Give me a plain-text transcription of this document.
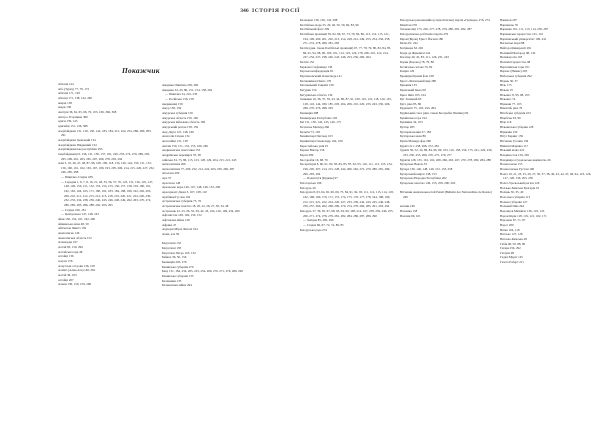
Покажчик
Абхазія 144
Або (Турку) 77, 79, 172
Абхазія 171, 193
абхазці 171, 138, 142, 260
аварці 138
авари 138
Австрія 36, 62, 65, 66, 70, 103, 169, 366, 368
Австро-Угорщина 366
адиги 139, 145
адигейці 131, 136, 389
Азербайджан 131, 136, 130, 142, 183, 184, 215, 224, 254, 286, 280, 283, 291
Азербайджан Іранський 134
Азербайджан Південний 134
Азербайджанська республіка 293
азербайджанці 6, 136, 131, 136, 137, 181, 229, 233, 274, 279, 289, 293, 295, 209, 261, 263, 265, 267, 269, 278, 293, 294
Азія 3, 16, 46, 47, 48, 87, 96, 108, 109, 118, 134, 146, 144, 150, 151, 153, 156, 160, 161, 162, 163, 167, 180, 193, 205, 206, 214, 215, 226, 227, 232, 246, 285, 288
— Північно-Східна 189
— Середня 1, 6, 7, 8, 16, 21, 28, 33, 36, 37, 76, 123, 131, 136, 145, 147, 148, 149, 150, 151, 152, 153, 154, 155, 156, 157, 158, 159, 160, 161, 162, 163, 164, 165, 171, 180, 181, 183, 184, 188, 189, 192, 202, 205, 209, 210, 211, 212, 213, 214, 215, 218, 219, 220, 221, 224, 226, 230, 232, 233, 234, 238, 239, 240, 243, 246, 248, 249, 262, 263, 270, 272, 280, 283, 285, 286, 288, 292, 293, 295
— Східна 169, 181
— Центральна 147, 148, 163
айни 136, 154, 161, 162, 290
Айкимська мова 48, 50
Айтматов Чингіз 159
Акмолінськ 146
Акмолінська область 152
Алашорди 197
Алтай 83, 150, 299
Алтайські гори 48
алтайці 136
алеути 158
Алеутські острови 136, 158
Алматі (Алма-Ата) 146, 262
Алтай 36, 163
алтайці 267
Альпи 136, 159, 159, 269
Америка Північна 236, 269
Америка 34, 43, 86, 151, 154, 158, 262
— Північна 34, 216, 233
— Російська 156, 158
американці 159
Амур 158, 159
Амурська губернія 159
Амурська область 159, 169
Амурська військова область 169
Амурський регіон 158, 159
Ану-Дар'я 147, 148, 169
Анатолія Східна 134
анатолійці 131, 138
Англія 150, 151, 152, 155, 166, 260
Андижанське повстання 155
Андріївське перемир'я 33, 38
азійська 34, 75, 86, 115, 123, 128, 129, 204, 215, 221, 243
антисемітизм 266
антисемітизм 77, 209, 232, 214, 224, 263, 239, 266, 287
Аполлон 209
Ара 37
Арасахан 148
Аральське море 146, 147, 148, 149, 153, 290
Арасеркопт Джан 3, 107, 108, 110
Арабіяни Гуслан 104
Астраханська губернія 75, 76
Астраханське ханство 18, 20, 22, 26, 27, 30, 34, 48
Астрахань 22, 23, 26, 32, 39, 42, 43, 104, 126, 199, 234, 260
Афганістан 148, 149, 150, 152
Афганська війна 128
Африка 47
Ахундов Мірза Фаталі 194
Ахма, ала 39

Баграташі 132
Багратіоні 183
Багратіон Петро 103, 132
Байкал 36, 50, 156
Башкирія 205, 276
Бакинська губернія 270
Баку 131, 184, 234, 265, 223, 254, 269, 270, 271, 276, 280, 299
Бакинська губернія 135
Балакеяни 135
Балакенська війна 294
Балакірев 136, 136, 143, 288
Балтійське море 25, 29, 40, 50, 59, 60, 83, 90
Балтійський флот 209
Балтійські провінції 59, 62, 66, 67, 73, 79, 84, 86, 113, 114, 115, 121, 194, 199, 200, 201, 202, 213, 214, 228, 241, 249, 253, 254, 256, 258, 271, 274, 278, 280, 281, 283
Балтія (див. також Балтійські провінції) 67, 77, 78, 79, 80, 82, 84, 85, 86, 91, 94, 98, 99, 100, 101, 114, 123, 129, 178, 200, 201, 212, 214, 227, 234, 237, 238, 240, 243, 246, 253, 256, 260, 264
Балтія 152
Барклая Стефаніяда 136
Барська конфедерація 65
Бартеньєвський Олександр 141
Басманніков Павло 176
Батененький Гавриїл 139
Батурин 154
Батурінська область 139
башкири 16, 36, 37, 39, 43, 44, 86, 87, 91, 100, 101, 110, 118, 120, 125, 128, 143, 144, 180, 185, 203, 204, 209, 210, 220, 233, 243, 250, 266, 269, 270, 276, 288, 293
Башкирія 288
Башкирська Республіка 103
Беї 131, 136, 143, 145, 146, 175
Бєлєнськ Махмуд 266
Бельтія 73, 193
Беннінгвері Пеглаер 103
Беннінгвері Олександр 104, 109
Берестейська унія 91
Бернат Віктор 156
Бертн 289
Бессарабія 16, 68, 76
Бесараберія 8, 60, 61, 82, 83, 84, 85, 87, 92, 95, 110, 111, 113, 125, 134, 199, 205, 207, 214, 215, 228, 242, 260, 262, 275, 279, 280, 281, 289, 290, 293, 294
— Подністр'я (Буджак) 97
Білогорська 196
Білорусь 26
Білорусія 8, 63, 64, 65, 66, 69, 73, 84, 91, 92, 93, 111, 112, 113, 114, 118, 162, 168, 169, 170, 171, 172, 174, 175, 176, 177, 178, 194, 198, 199, 212, 215, 221, 222, 224, 226, 227, 233, 239, 242, 243, 245, 246, 248, 256, 257, 260, 262, 268, 269, 270, 274, 278, 284, 285, 291, 293, 294
Білорусь 37, 39, 65, 67, 68, 93, 94, 99, 108, 214, 227, 238, 239, 240, 255, 260, 271, 274, 278, 279, 281, 282, 284, 286, 287, 289, 290
— Західна 85, 285, 290
— Східна 66, 67, 72, 74, 86, 85
Білоруська рада 274
Білоруська революційна (соціалістична) партія «Громада» 276, 274
Бімаїтан 276
білоконопці 175, 226, 277, 278, 279, 280, 281, 282, 287
Білорусинська робітнича партія 279
Біром (Бірон) Ернст Йоганн 180
Бісма Р.І. 242
Бобрікова М. 202
Бодрі де Жуковичі 244
Богатир 49, 45, 83, 111, 126, 231, 243
Борки (Борово) 78, 79, 80
Ботнічська затока 79, 82
Боярія 126
Бранцірм Бракні фон 108
Брест-Литовський мир 280
Брюкнія 133
Бранський Іван 210
Брюс Якіх 103, 104
Буг Західний 63
Бугі, ріка 85, 86
Будапешт 75, 103, 243, 284
Будівський союз (див. також Бесарабія Пізніше) 82
Буквінська гора 194
Букмиша 34, 103
Булгар 285
Булгарія-великі 27, 183
Булгарська мова 86
Бунін Махмуд-фон 266
Буряті 211, 258, 268, 272, 281
буряти 36, 52, 34, 86, 84, 96, 99, 103, 116, 158, 159, 175, 221, 229, 230, 233, 250, 255, 269, 270, 275, 276, 277
Бурятія 128, 135, 161, 162, 269, 266, 263, 267, 270, 278, 280, 284, 288
Бухарське Веюла 33
Бухара 136, 146, 148, 149, 152, 153, 258
Бухарський емірат 148, 153
Бухарська Народна Республіка 262
Бухарське ханство 146, 153, 258, 290, 292

Вітчизни національностей Pensії (Bulletin des Nationalities de Russie) 269

вагоми 169
Вазоніка 158
Валахія 99, 101
Вавилон 207
Варнавськ 76
Варшава 101, 111, 113, 114, 256, 287
Варшавське герцогство 101, 110
Варшавський університет 109, 241
Вегенські моря 88
Вейтер-Ціммераніт 291
Великий Новгород 98, 134
Великоросія 103
Величія Герцогство 98
Вергшинські гори 101
Верхнє (Нижнє) 203
Виборзька губернія 292
Відень 36, 37
Віль 173
Вільна 25
Вільнюс 8, 93, 98, 103
Вільнюс 74
Вірмени 77, 103
Вікентій, ріка 79
Вітебська губернія 103
Віцебськ 93, 99
Віче 116
Вільнюська губернія 128
Вірменія 150
Вітус Беринг 159
Вітчизна Гусаків 136
Вікінгія Маріяна 117
Вільний шлях 222
Владивосток 159, 265
Владиміро-Суздальське князівство 26
Вознесенськ 155
Вознесенська Рустам 196
Волга 16, 21, 23, 25, 26, 27, 30, 37, 38, 40, 43, 44, 47, 48, 64, 123, 126, 127, 128, 136, 205, 230
Волго-Уральський регіон 126
Волзько-Камська Булгарія 19
Волинь 30, 35, 40
Волоська губернія 113
Вольна губернія 127
Вольний Піва 264
Воронцов Михайло 136, 143, 145
Ворон Кірін 118, 119, 121, 162, 171
Воронеж 67, 71, 87
Ворот 200
Вятка 104, 118
Вятсько 127, 128
Вятсько-Камська 48
Габія 48, 50, 88, 99
Гаґари 256, 292
Гаґаузи 98
Гаджі-Мурат 145
Газета Роберт 211
346 ІСТОРІЯ РОСІЇ
